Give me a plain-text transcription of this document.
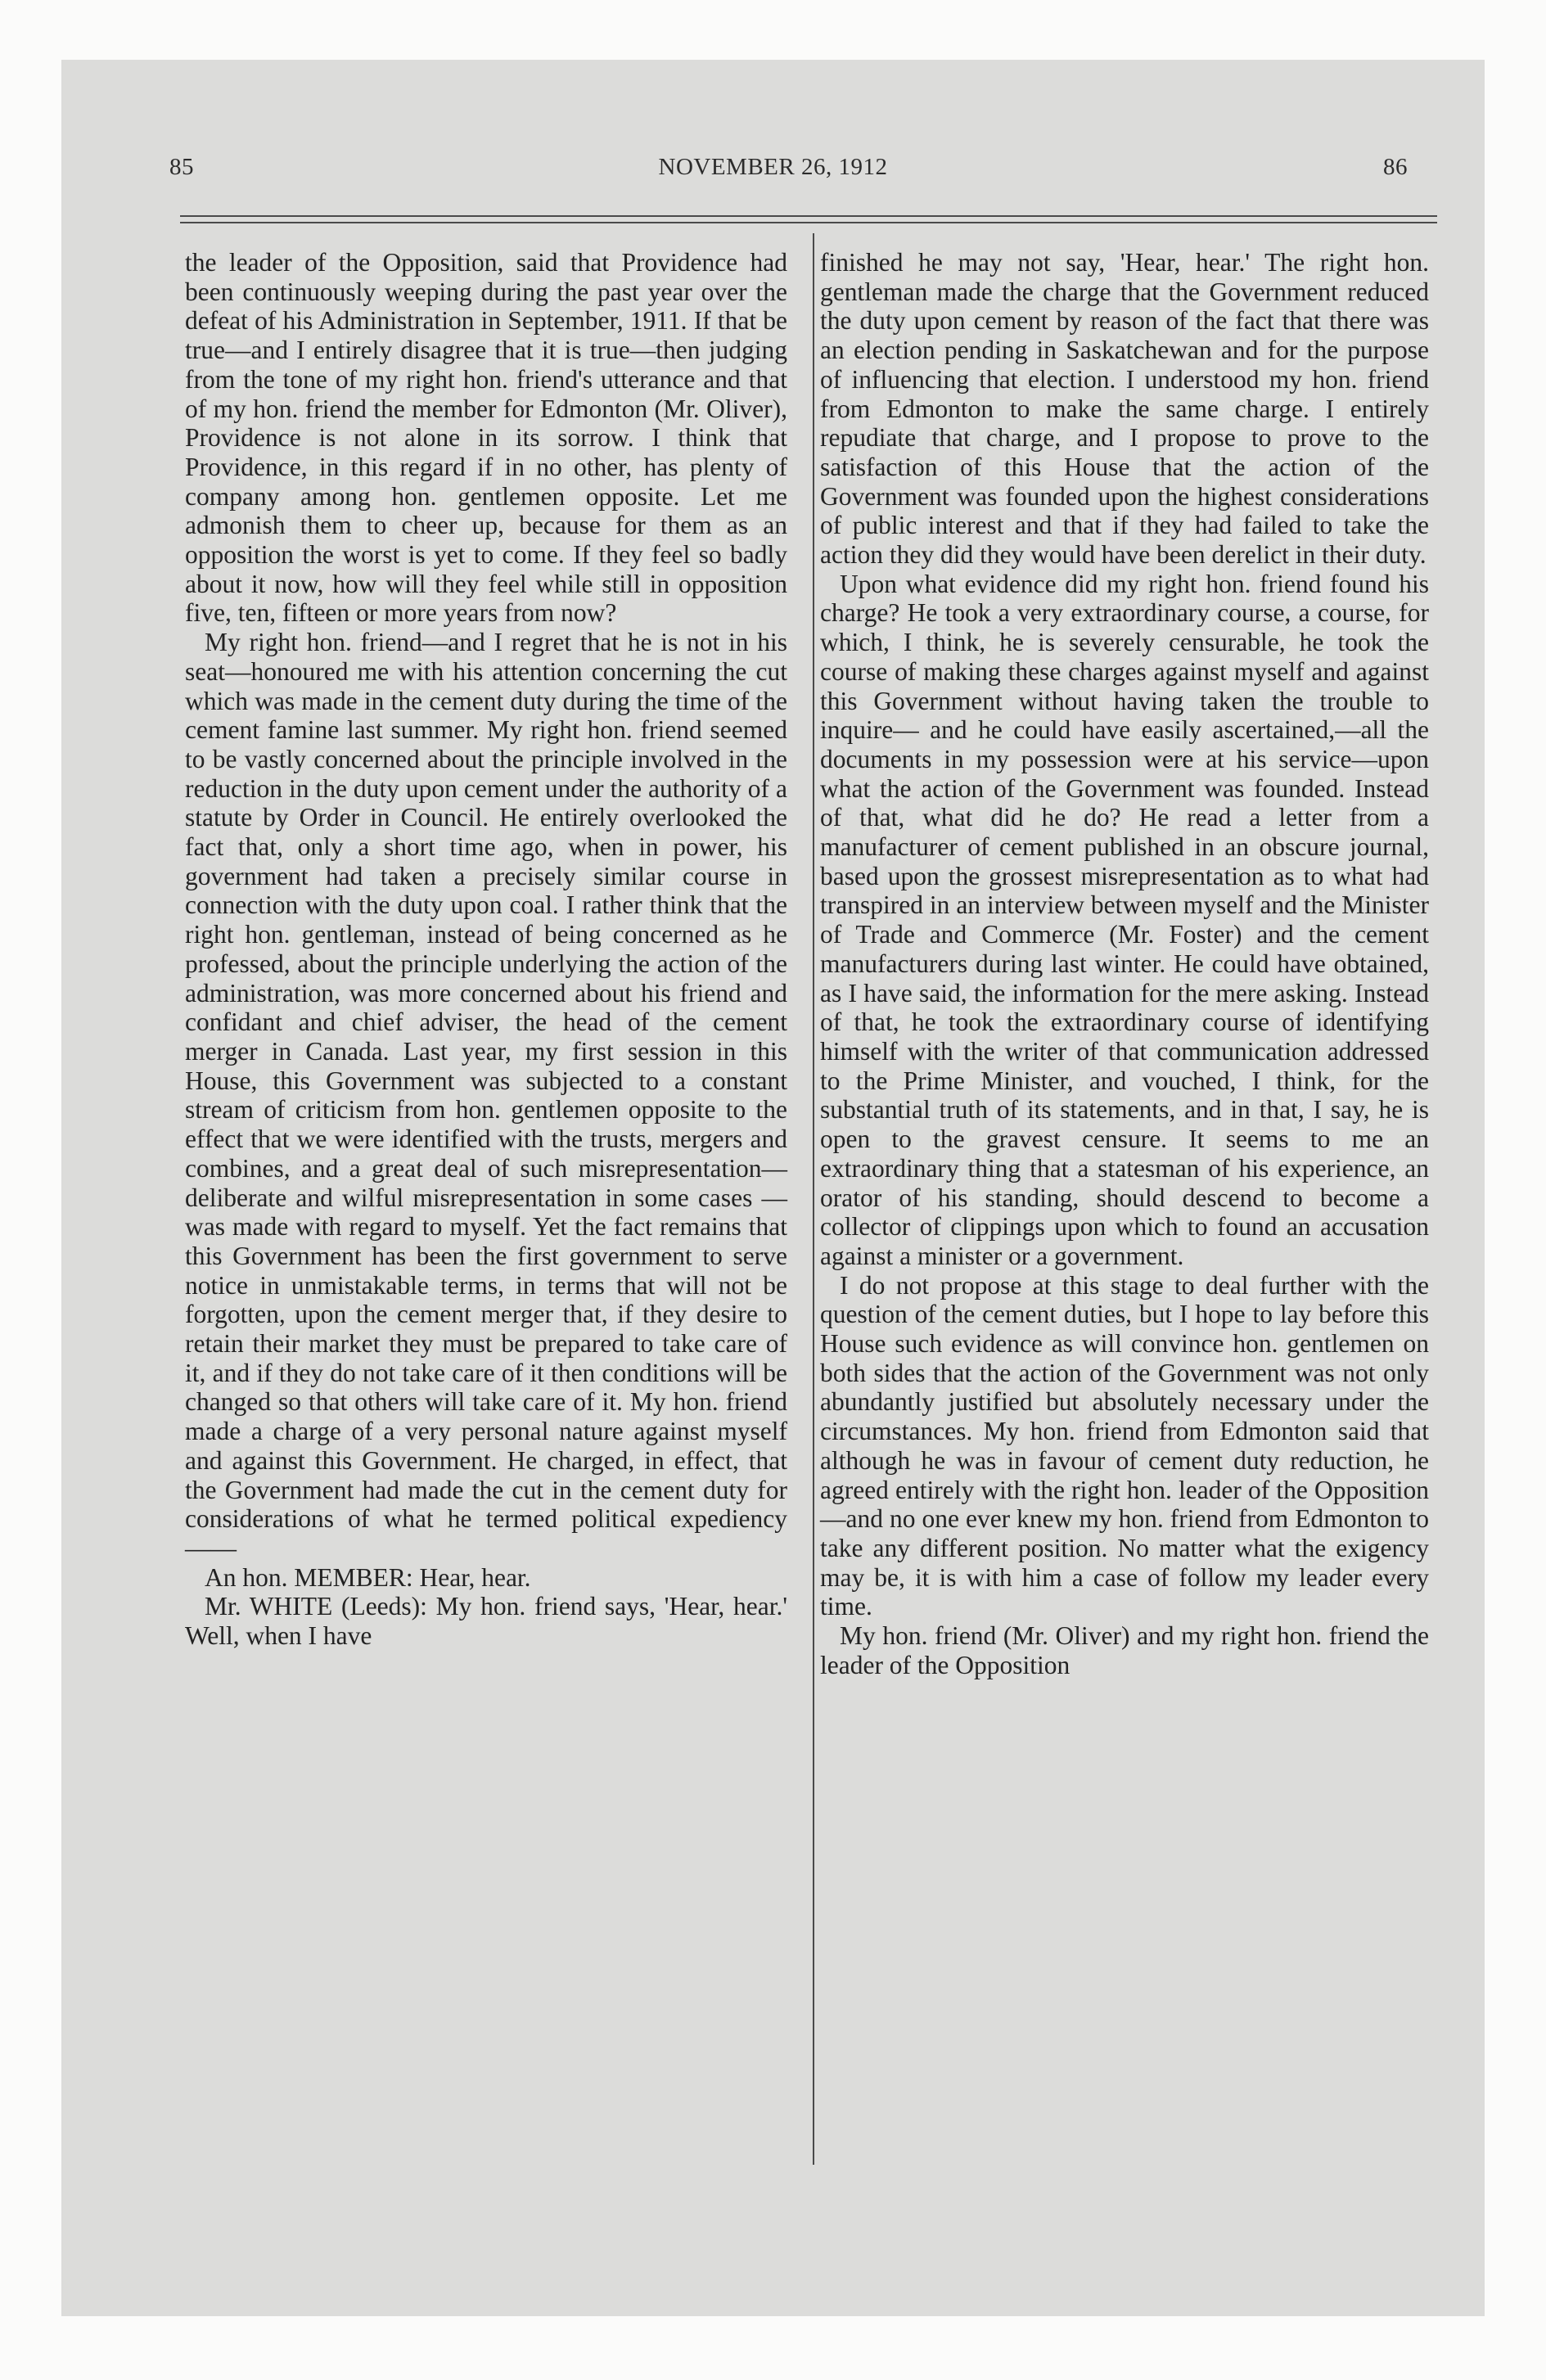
85	NOVEMBER 26, 1912	86

the leader of the Opposition, said that Providence had been continuously weeping during the past year over the defeat of his Administration in September, 1911. If that be true—and I entirely disagree that it is true—then judging from the tone of my right hon. friend's utterance and that of my hon. friend the member for Edmonton (Mr. Oliver), Providence is not alone in its sorrow. I think that Providence, in this regard if in no other, has plenty of company among hon. gentlemen opposite. Let me admonish them to cheer up, because for them as an opposition the worst is yet to come. If they feel so badly about it now, how will they feel while still in opposition five, ten, fifteen or more years from now?

My right hon. friend—and I regret that he is not in his seat—honoured me with his attention concerning the cut which was made in the cement duty during the time of the cement famine last summer. My right hon. friend seemed to be vastly concerned about the principle involved in the reduction in the duty upon cement under the authority of a statute by Order in Council. He entirely overlooked the fact that, only a short time ago, when in power, his government had taken a precisely similar course in connection with the duty upon coal. I rather think that the right hon. gentleman, instead of being concerned as he professed, about the principle underlying the action of the administration, was more concerned about his friend and confidant and chief adviser, the head of the cement merger in Canada. Last year, my first session in this House, this Government was subjected to a constant stream of criticism from hon. gentlemen opposite to the effect that we were identified with the trusts, mergers and combines, and a great deal of such misrepresentation—deliberate and wilful misrepresentation in some cases —was made with regard to myself. Yet the fact remains that this Government has been the first government to serve notice in unmistakable terms, in terms that will not be forgotten, upon the cement merger that, if they desire to retain their market they must be prepared to take care of it, and if they do not take care of it then conditions will be changed so that others will take care of it. My hon. friend made a charge of a very personal nature against myself and against this Government. He charged, in effect, that the Government had made the cut in the cement duty for considerations of what he termed political expediency——

An hon. MEMBER: Hear, hear.

Mr. WHITE (Leeds): My hon. friend says, 'Hear, hear.' Well, when I have

finished he may not say, 'Hear, hear.' The right hon. gentleman made the charge that the Government reduced the duty upon cement by reason of the fact that there was an election pending in Saskatchewan and for the purpose of influencing that election. I understood my hon. friend from Edmonton to make the same charge. I entirely repudiate that charge, and I propose to prove to the satisfaction of this House that the action of the Government was founded upon the highest considerations of public interest and that if they had failed to take the action they did they would have been derelict in their duty.

Upon what evidence did my right hon. friend found his charge? He took a very extraordinary course, a course, for which, I think, he is severely censurable, he took the course of making these charges against myself and against this Government without having taken the trouble to inquire— and he could have easily ascertained,—all the documents in my possession were at his service—upon what the action of the Government was founded. Instead of that, what did he do? He read a letter from a manufacturer of cement published in an obscure journal, based upon the grossest misrepresentation as to what had transpired in an interview between myself and the Minister of Trade and Commerce (Mr. Foster) and the cement manufacturers during last winter. He could have obtained, as I have said, the information for the mere asking. Instead of that, he took the extraordinary course of identifying himself with the writer of that communication addressed to the Prime Minister, and vouched, I think, for the substantial truth of its statements, and in that, I say, he is open to the gravest censure. It seems to me an extraordinary thing that a statesman of his experience, an orator of his standing, should descend to become a collector of clippings upon which to found an accusation against a minister or a government.

I do not propose at this stage to deal further with the question of the cement duties, but I hope to lay before this House such evidence as will convince hon. gentlemen on both sides that the action of the Government was not only abundantly justified but absolutely necessary under the circumstances. My hon. friend from Edmonton said that although he was in favour of cement duty reduction, he agreed entirely with the right hon. leader of the Opposition —and no one ever knew my hon. friend from Edmonton to take any different position. No matter what the exigency may be, it is with him a case of follow my leader every time.

My hon. friend (Mr. Oliver) and my right hon. friend the leader of the Opposition
